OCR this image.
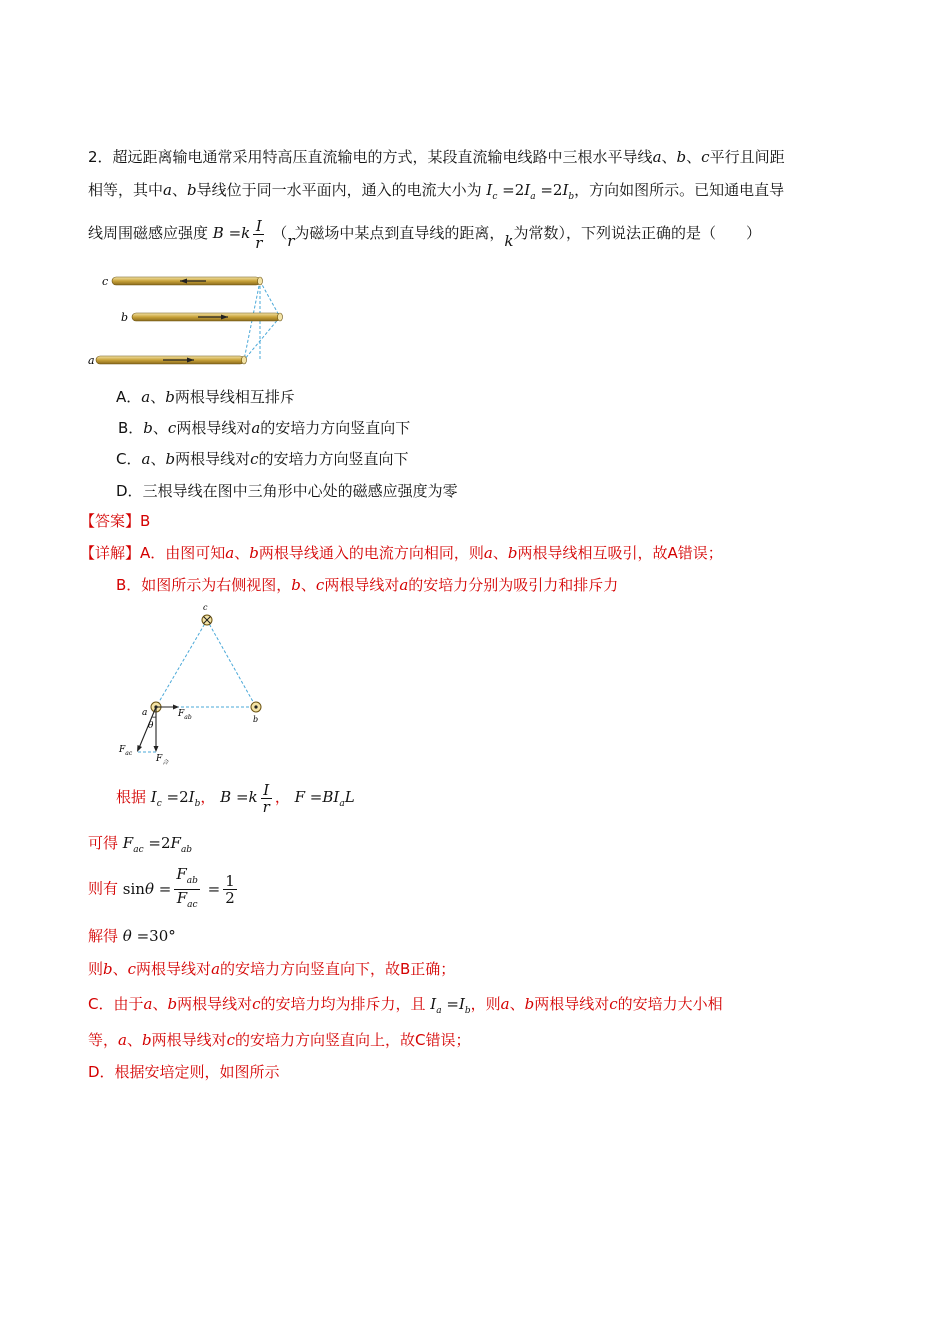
2．超远距离输电通常采用特高压直流输电的方式，某段直流输电线路中三根水平导线a、b、c平行且间距
相等，其中a、b导线位于同一水平面内，通入的电流大小为 $I_c =2I_a =2I_b$，方向如图所示。已知通电直导
线周围磁感应强度 $B =k \frac{I}{r} (r$为磁场中某点到直导线的距离，k为常数），下列说法正确的是（　　）
c
b
a
A．a、b两根导线相互排斥
B．b、c两根导线对a的安培力方向竖直向下
C．a、b两根导线对c的安培力方向竖直向下
D．三根导线在图中三角形中心处的磁感应强度为零
【答案】B
【详解】A．由图可知a、b两根导线通入的电流方向相同，则a、b两根导线相互吸引，故A错误；
B．如图所示为右侧视图，b、c两根导线对a的安培力分别为吸引力和排斥力
c
a
b
θ
$F_{ab}$
$F_{ac}$
$F_合$
根据 $I_c =2I_b$， $B =k \frac{I}{r}$ ， $F =BI_aL$
可得 $F_{ac} =2F_{ab}$
则有 $\sin\theta = \frac{F_{ab}}{F_{ac}} = \frac{1}{2}$
解得 θ =30°
则b、c两根导线对a的安培力方向竖直向下，故B正确；
C．由于a、b两根导线对c的安培力均为排斥力，且 $I_a =I_b$，则a、b两根导线对c的安培力大小相
等，a、b两根导线对c的安培力方向竖直向上，故C错误；
D．根据安培定则，如图所示
